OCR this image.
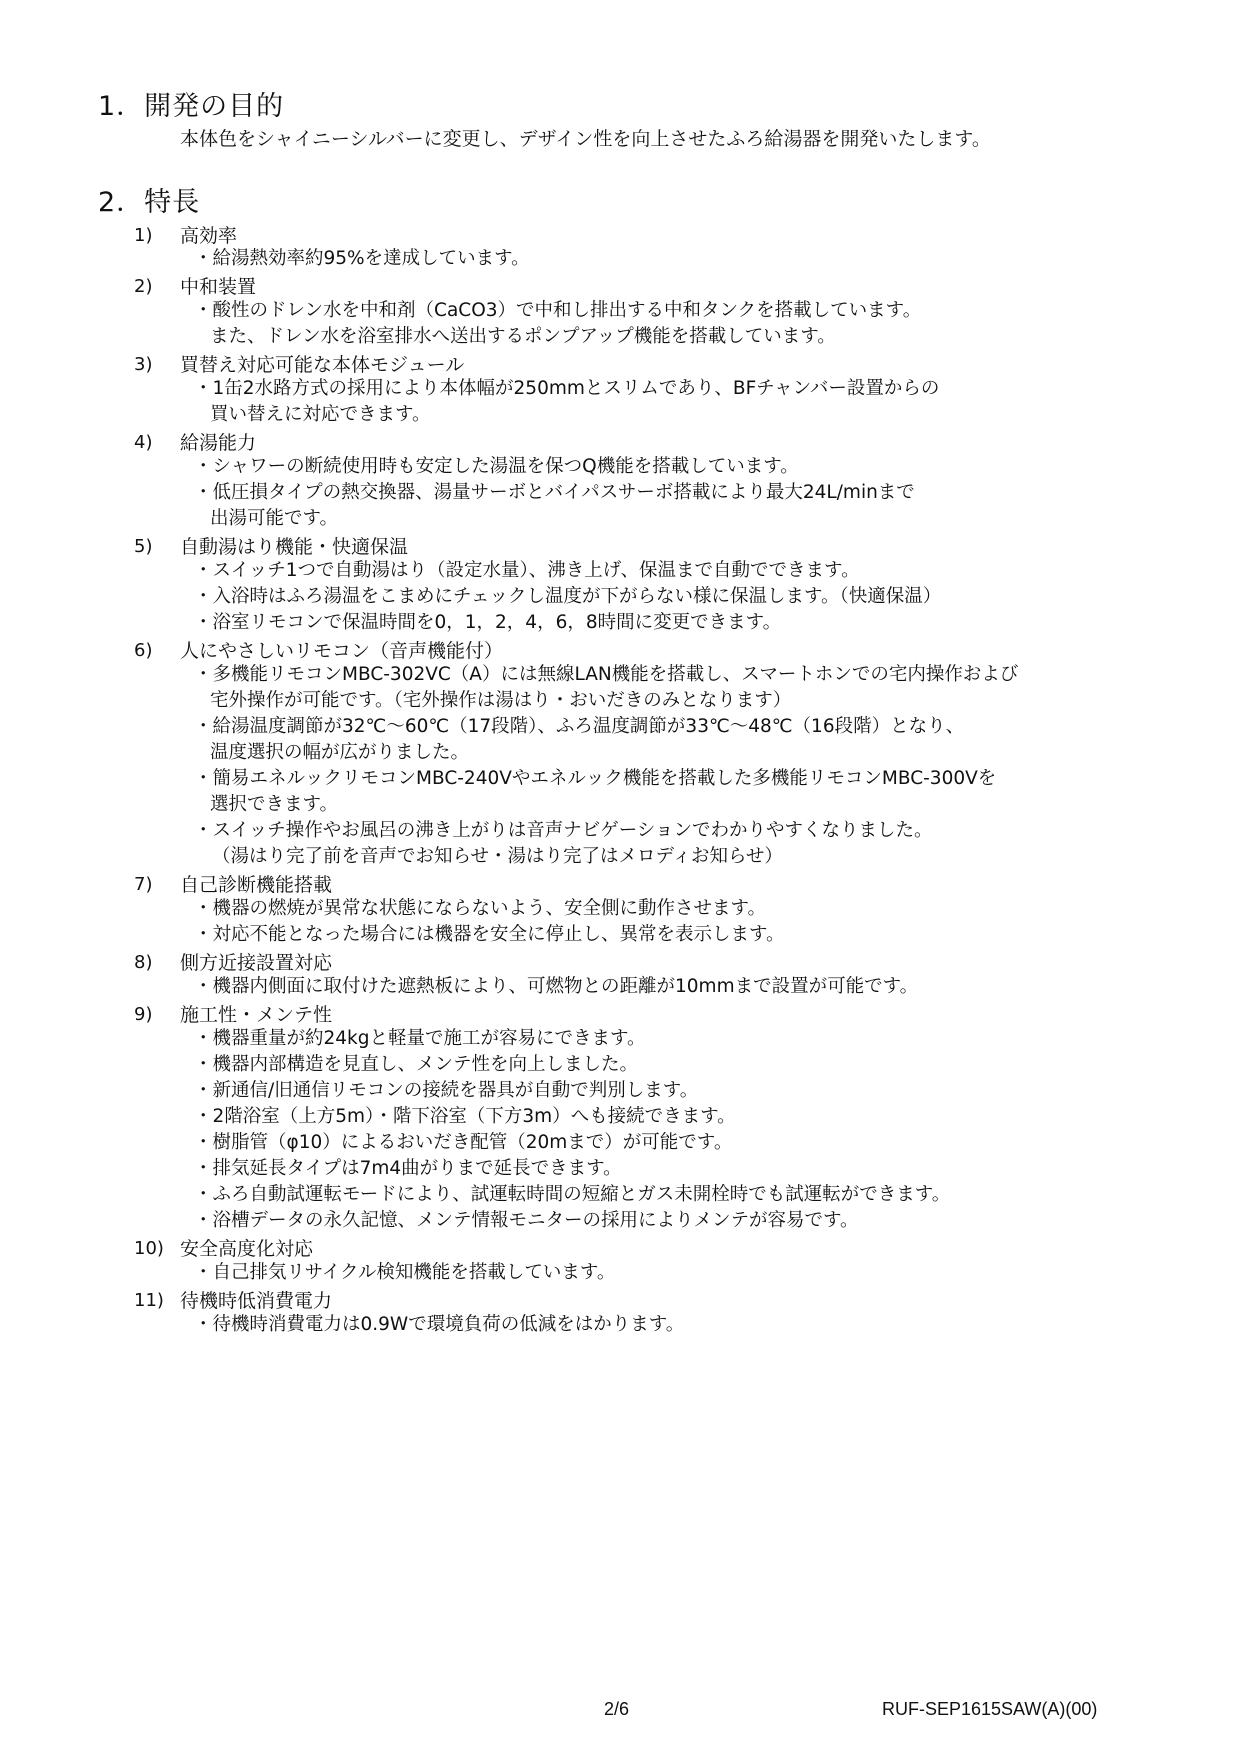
1．開発の目的
本体色をシャイニーシルバーに変更し、デザイン性を向上させたふろ給湯器を開発いたします。
2．特長
1) 高効率
・給湯熱効率約95%を達成しています。
2) 中和装置
・酸性のドレン水を中和剤（CaCO3）で中和し排出する中和タンクを搭載しています。
また、ドレン水を浴室排水へ送出するポンプアップ機能を搭載しています。
3) 買替え対応可能な本体モジュール
・1缶2水路方式の採用により本体幅が250mmとスリムであり、BFチャンバー設置からの
買い替えに対応できます。
4) 給湯能力
・シャワーの断続使用時も安定した湯温を保つQ機能を搭載しています。
・低圧損タイプの熱交換器、湯量サーボとバイパスサーボ搭載により最大24L/minまで
出湯可能です。
5) 自動湯はり機能・快適保温
・スイッチ1つで自動湯はり（設定水量）、沸き上げ、保温まで自動でできます。
・入浴時はふろ湯温をこまめにチェックし温度が下がらない様に保温します。（快適保温）
・浴室リモコンで保温時間を0，1，2，4，6，8時間に変更できます。
6) 人にやさしいリモコン（音声機能付）
・多機能リモコンMBC-302VC（A）には無線LAN機能を搭載し、スマートホンでの宅内操作および
宅外操作が可能です。（宅外操作は湯はり・おいだきのみとなります）
・給湯温度調節が32℃～60℃（17段階）、ふろ温度調節が33℃～48℃（16段階）となり、
温度選択の幅が広がりました。
・簡易エネルックリモコンMBC-240Vやエネルック機能を搭載した多機能リモコンMBC-300Vを
選択できます。
・スイッチ操作やお風呂の沸き上がりは音声ナビゲーションでわかりやすくなりました。
（湯はり完了前を音声でお知らせ・湯はり完了はメロディお知らせ）
7) 自己診断機能搭載
・機器の燃焼が異常な状態にならないよう、安全側に動作させます。
・対応不能となった場合には機器を安全に停止し、異常を表示します。
8) 側方近接設置対応
・機器内側面に取付けた遮熱板により、可燃物との距離が10mmまで設置が可能です。
9) 施工性・メンテ性
・機器重量が約24kgと軽量で施工が容易にできます。
・機器内部構造を見直し、メンテ性を向上しました。
・新通信/旧通信リモコンの接続を器具が自動で判別します。
・2階浴室（上方5m）・階下浴室（下方3m）へも接続できます。
・樹脂管（φ10）によるおいだき配管（20mまで）が可能です。
・排気延長タイプは7m4曲がりまで延長できます。
・ふろ自動試運転モードにより、試運転時間の短縮とガス未開栓時でも試運転ができます。
・浴槽データの永久記憶、メンテ情報モニターの採用によりメンテが容易です。
10) 安全高度化対応
・自己排気リサイクル検知機能を搭載しています。
11) 待機時低消費電力
・待機時消費電力は0.9Wで環境負荷の低減をはかります。
2/6	RUF-SEP1615SAW(A)(00)
